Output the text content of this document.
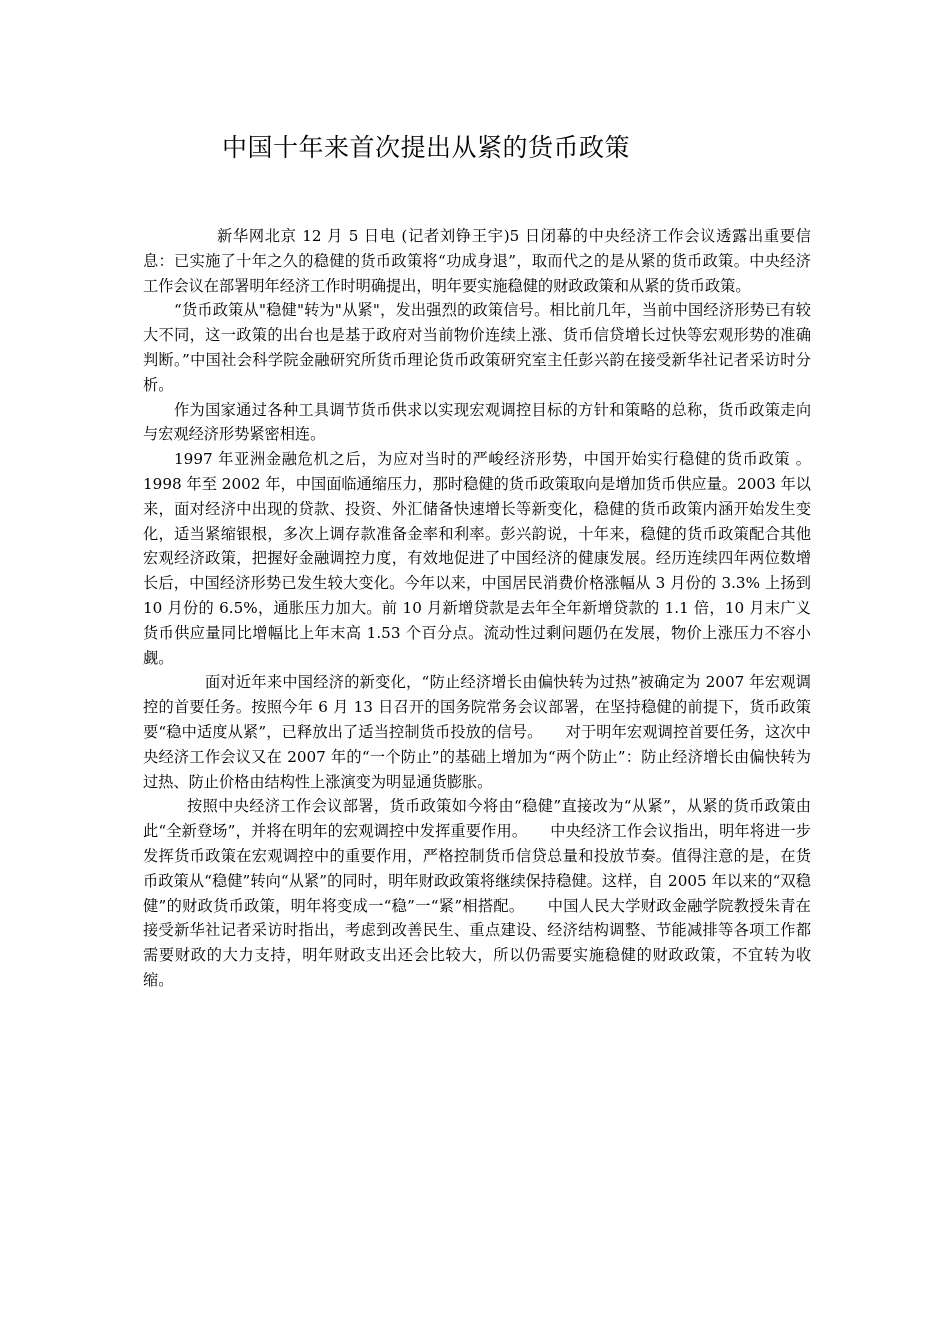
中国十年来首次提出从紧的货币政策

新华网北京 12 月 5 日电 (记者刘铮王宇)5 日闭幕的中央经济工作会议透露出重要信息：已实施了十年之久的稳健的货币政策将“功成身退”，取而代之的是从紧的货币政策。中央经济工作会议在部署明年经济工作时明确提出，明年要实施稳健的财政政策和从紧的货币政策。

“货币政策从"稳健"转为"从紧"，发出强烈的政策信号。相比前几年，当前中国经济形势已有较大不同，这一政策的出台也是基于政府对当前物价连续上涨、货币信贷增长过快等宏观形势的准确判断。”中国社会科学院金融研究所货币理论货币政策研究室主任彭兴韵在接受新华社记者采访时分析。

作为国家通过各种工具调节货币供求以实现宏观调控目标的方针和策略的总称，货币政策走向与宏观经济形势紧密相连。

1997 年亚洲金融危机之后，为应对当时的严峻经济形势，中国开始实行稳健的货币政策 。1998 年至 2002 年，中国面临通缩压力，那时稳健的货币政策取向是增加货币供应量。2003 年以来，面对经济中出现的贷款、投资、外汇储备快速增长等新变化，稳健的货币政策内涵开始发生变化，适当紧缩银根，多次上调存款准备金率和利率。彭兴韵说，十年来，稳健的货币政策配合其他宏观经济政策，把握好金融调控力度，有效地促进了中国经济的健康发展。经历连续四年两位数增长后，中国经济形势已发生较大变化。今年以来，中国居民消费价格涨幅从 3 月份的 3.3% 上扬到 10 月份的 6.5%，通胀压力加大。前 10 月新增贷款是去年全年新增贷款的 1.1 倍，10 月末广义货币供应量同比增幅比上年末高 1.53 个百分点。流动性过剩问题仍在发展，物价上涨压力不容小觑。

面对近年来中国经济的新变化，“防止经济增长由偏快转为过热”被确定为 2007 年宏观调控的首要任务。按照今年 6 月 13 日召开的国务院常务会议部署，在坚持稳健的前提下，货币政策要“稳中适度从紧”，已释放出了适当控制货币投放的信号。　　对于明年宏观调控首要任务，这次中央经济工作会议又在 2007 年的“一个防止”的基础上增加为“两个防止”：防止经济增长由偏快转为过热、防止价格由结构性上涨演变为明显通货膨胀。

按照中央经济工作会议部署，货币政策如今将由“稳健”直接改为“从紧”，从紧的货币政策由此“全新登场”，并将在明年的宏观调控中发挥重要作用。　　中央经济工作会议指出，明年将进一步发挥货币政策在宏观调控中的重要作用，严格控制货币信贷总量和投放节奏。值得注意的是，在货币政策从“稳健”转向“从紧”的同时，明年财政政策将继续保持稳健。这样，自 2005 年以来的“双稳健”的财政货币政策，明年将变成一“稳”一“紧”相搭配。　　中国人民大学财政金融学院教授朱青在接受新华社记者采访时指出，考虑到改善民生、重点建设、经济结构调整、节能减排等各项工作都需要财政的大力支持，明年财政支出还会比较大，所以仍需要实施稳健的财政政策，不宜转为收缩。
